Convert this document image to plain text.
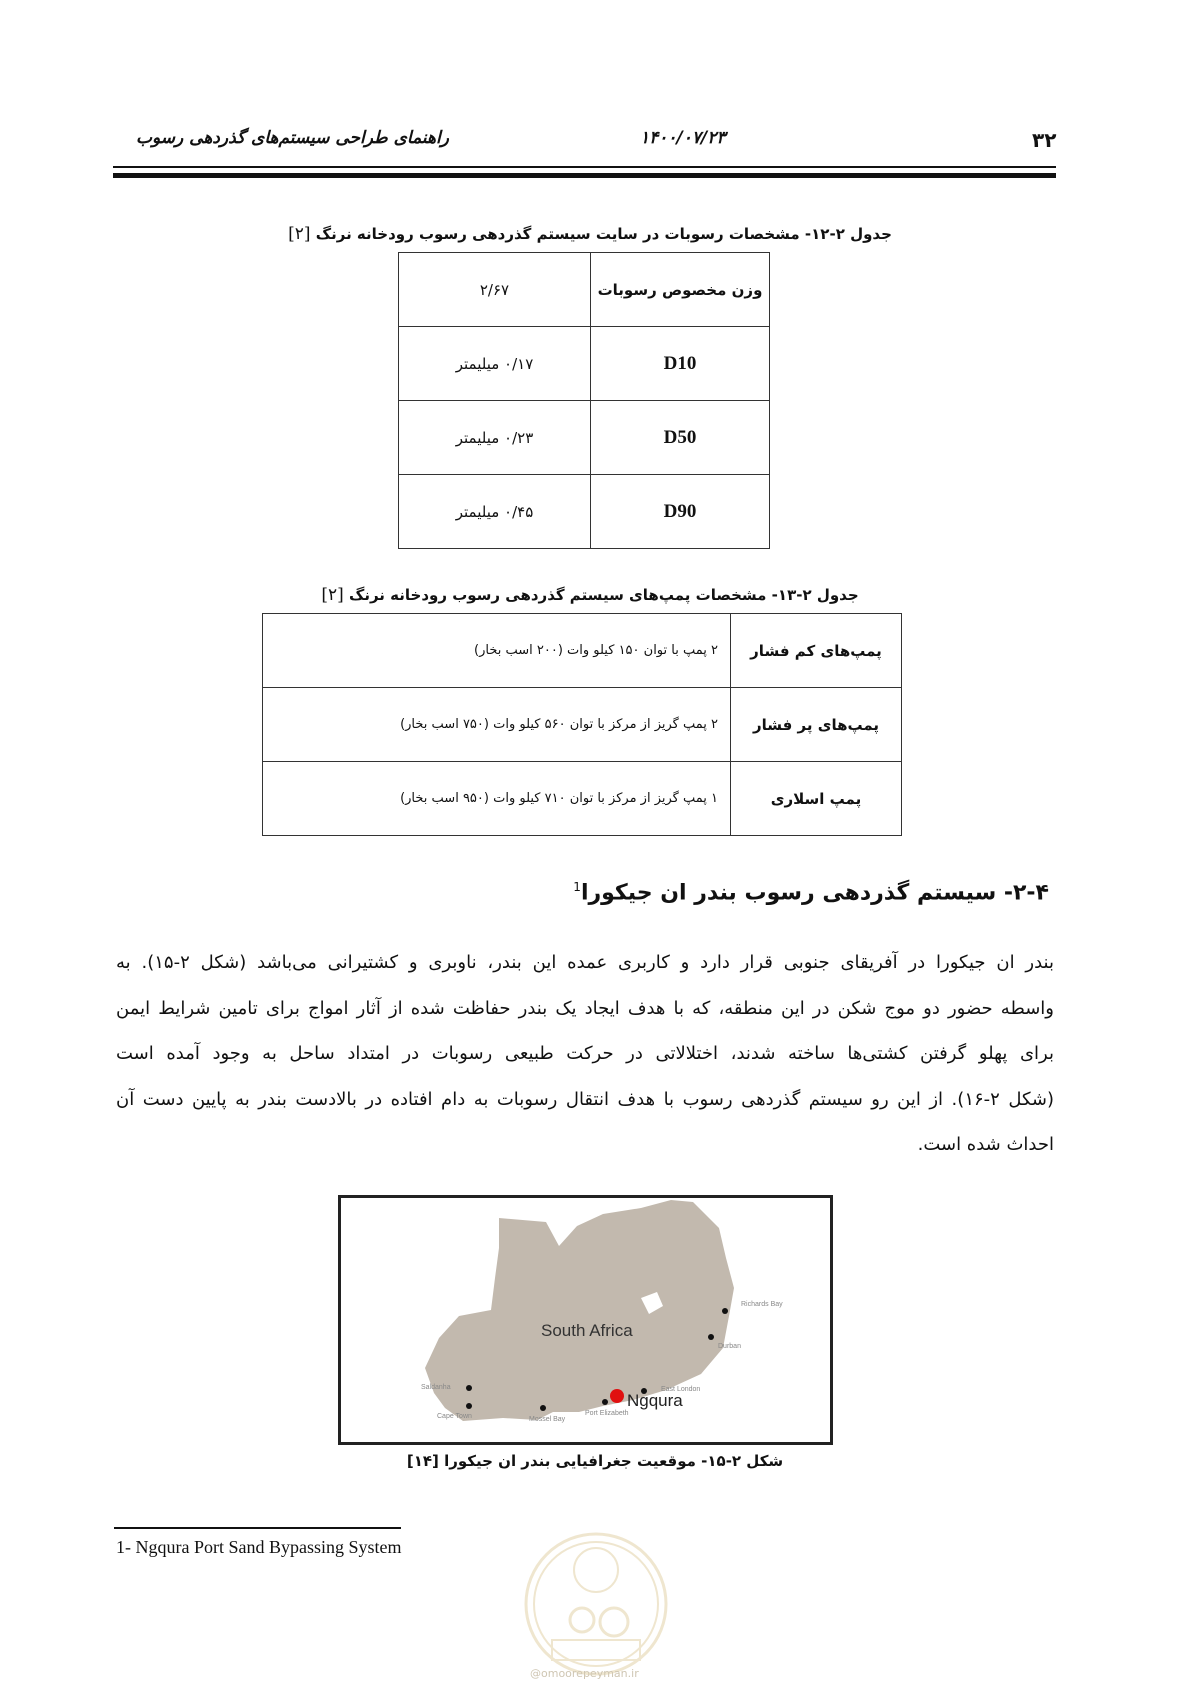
۳۲
۱۴۰۰/۰۷/۲۳
راهنمای طراحی سیستم‌های گذردهی رسوب
جدول ۲-۱۲- مشخصات رسوبات در سایت سیستم گذردهی رسوب رودخانه نرنگ [۲]
وزن مخصوص رسوبات	۲/۶۷
D10	۰/۱۷ میلیمتر
D50	۰/۲۳ میلیمتر
D90	۰/۴۵ میلیمتر
جدول ۲-۱۳- مشخصات پمپ‌های سیستم گذردهی رسوب رودخانه نرنگ [۲]
پمپ‌های کم فشار	۲ پمپ با توان ۱۵۰ کیلو وات (۲۰۰ اسب بخار)
پمپ‌های پر فشار	۲ پمپ گریز از مرکز با توان ۵۶۰ کیلو وات (۷۵۰ اسب بخار)
پمپ اسلاری	۱ پمپ گریز از مرکز با توان ۷۱۰ کیلو وات (۹۵۰ اسب بخار)
۲-۴- سیستم گذردهی رسوب بندر ان جیکورا$^1$
بندر ان جیکورا در آفریقای جنوبی قرار دارد و کاربری عمده این بندر، ناوبری و کشتیرانی می‌باشد (شکل ۲-۱۵). به
واسطه حضور دو موج شکن در این منطقه، که با هدف ایجاد یک بندر حفاظت شده از آثار امواج برای تامین شرایط ایمن
برای پهلو گرفتن کشتی‌ها ساخته شدند، اختلالاتی در حرکت طبیعی رسوبات در امتداد ساحل به وجود آمده است
(شکل ۲-۱۶). از این رو سیستم گذردهی رسوب با هدف انتقال رسوبات به دام افتاده در بالادست بندر به پایین دست آن
احداث شده است.
South Africa
Ngqura
Richards Bay
Durban
East London
Port Elizabeth
Mossel Bay
Cape Town
Saldanha
شکل ۲-۱۵- موقعیت جغرافیایی بندر ان جیکورا [۱۴]
1- Ngqura Port Sand Bypassing System
@omoorepeyman.ir
